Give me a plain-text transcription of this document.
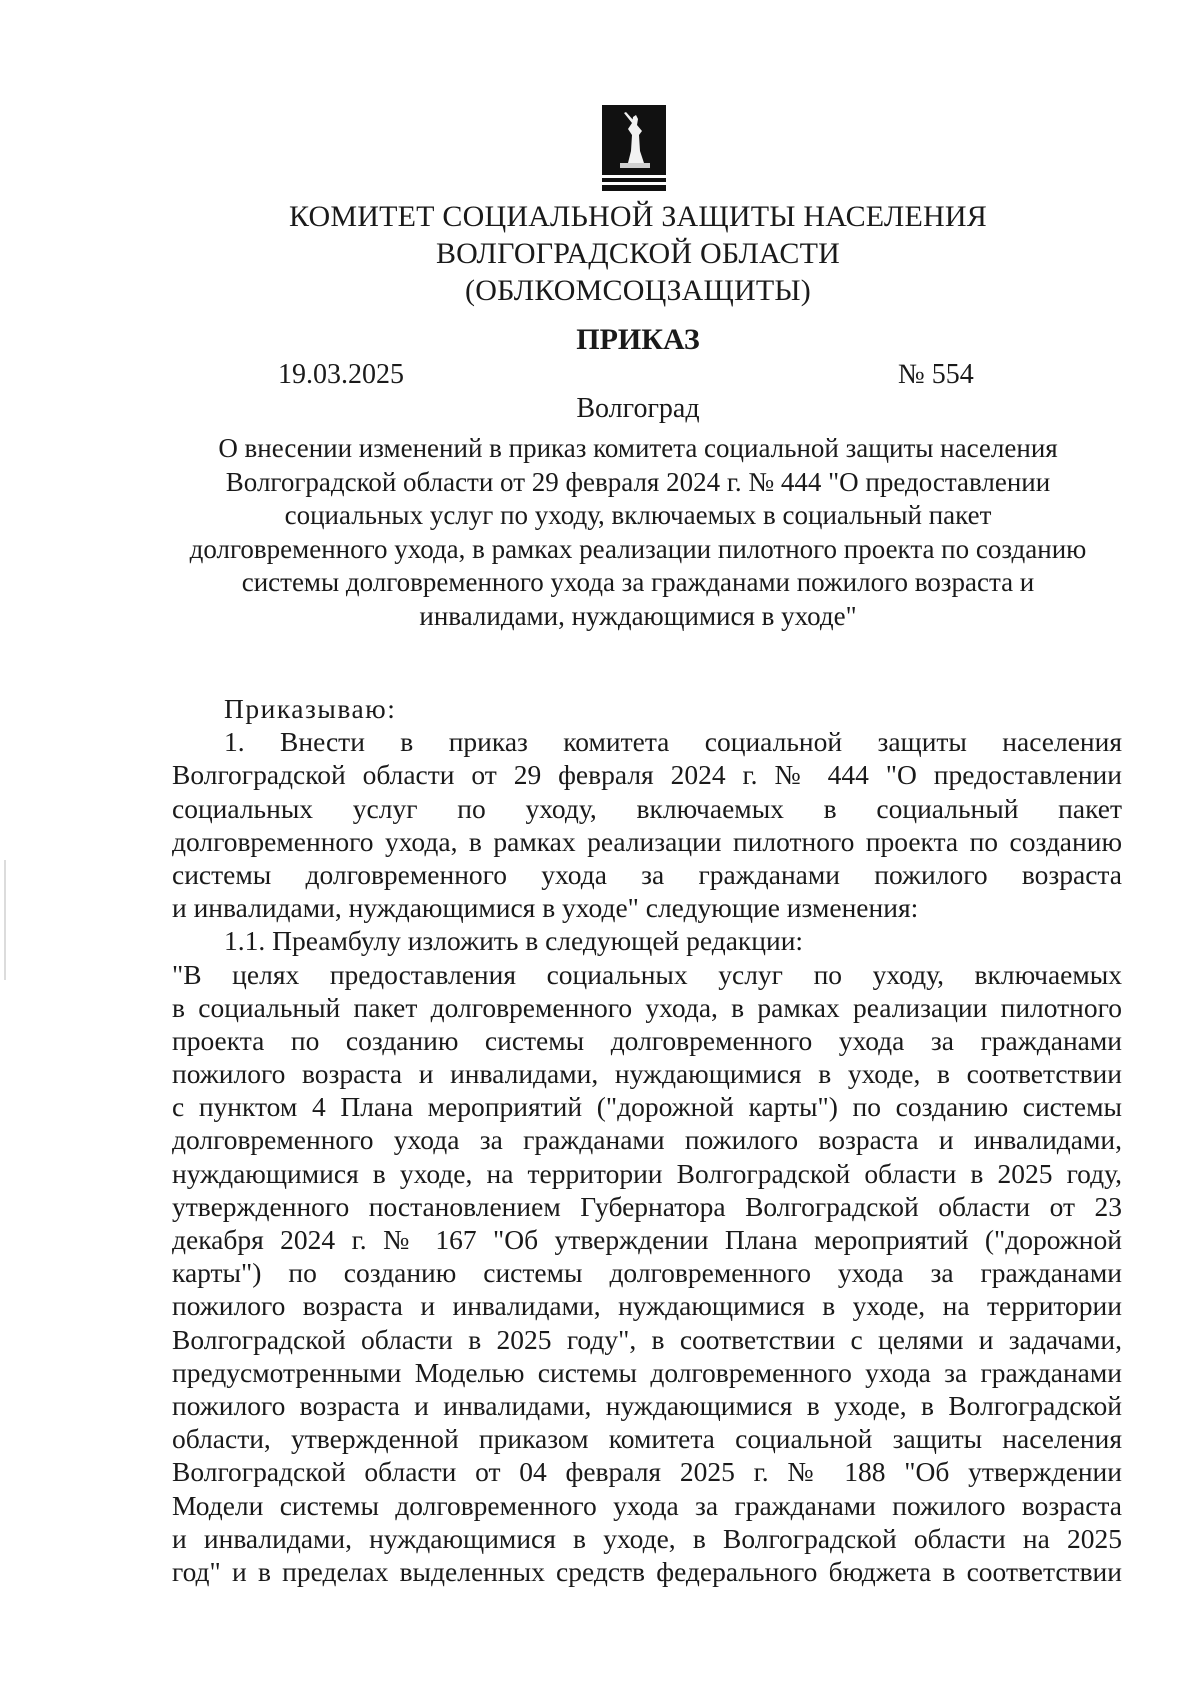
КОМИТЕТ СОЦИАЛЬНОЙ ЗАЩИТЫ НАСЕЛЕНИЯ
ВОЛГОГРАДСКОЙ ОБЛАСТИ
(ОБЛКОМСОЦЗАЩИТЫ)
ПРИКАЗ
19.03.2025	№ 554
Волгоград
О внесении изменений в приказ комитета социальной защиты населения
Волгоградской области от 29 февраля 2024 г. № 444 "О предоставлении
социальных услуг по уходу, включаемых в социальный пакет
долговременного ухода, в рамках реализации пилотного проекта по созданию
системы долговременного ухода за гражданами пожилого возраста и
инвалидами, нуждающимися в уходе"
Приказываю:
1. Внести в приказ комитета социальной защиты населения
Волгоградской области от 29 февраля 2024 г. № 444 "О предоставлении
социальных услуг по уходу, включаемых в социальный пакет
долговременного ухода, в рамках реализации пилотного проекта по созданию
системы долговременного ухода за гражданами пожилого возраста
и инвалидами, нуждающимися в уходе" следующие изменения:
1.1. Преамбулу изложить в следующей редакции:
"В целях предоставления социальных услуг по уходу, включаемых
в социальный пакет долговременного ухода, в рамках реализации пилотного
проекта по созданию системы долговременного ухода за гражданами
пожилого возраста и инвалидами, нуждающимися в уходе, в соответствии
с пунктом 4 Плана мероприятий ("дорожной карты") по созданию системы
долговременного ухода за гражданами пожилого возраста и инвалидами,
нуждающимися в уходе, на территории Волгоградской области в 2025 году,
утвержденного постановлением Губернатора Волгоградской области от 23
декабря 2024 г. № 167 "Об утверждении Плана мероприятий ("дорожной
карты") по созданию системы долговременного ухода за гражданами
пожилого возраста и инвалидами, нуждающимися в уходе, на территории
Волгоградской области в 2025 году", в соответствии с целями и задачами,
предусмотренными Моделью системы долговременного ухода за гражданами
пожилого возраста и инвалидами, нуждающимися в уходе, в Волгоградской
области, утвержденной приказом комитета социальной защиты населения
Волгоградской области от 04 февраля 2025 г. № 188 "Об утверждении
Модели системы долговременного ухода за гражданами пожилого возраста
и инвалидами, нуждающимися в уходе, в Волгоградской области на 2025
год" и в пределах выделенных средств федерального бюджета в соответствии
